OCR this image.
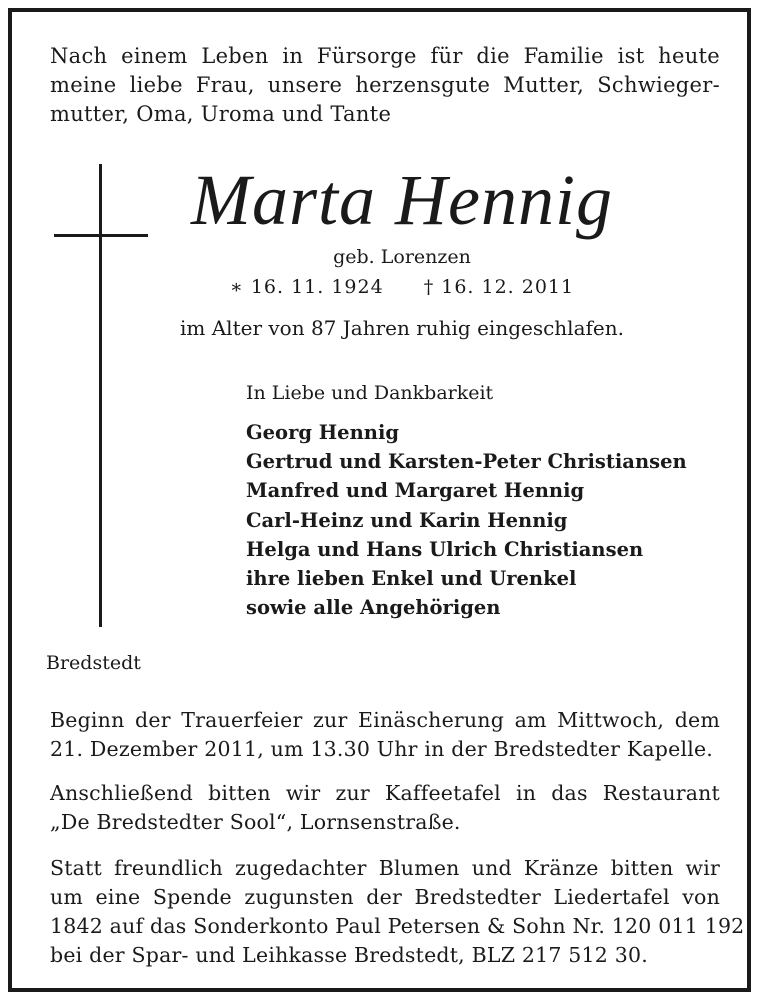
Nach einem Leben in Fürsorge für die Familie ist heute
meine liebe Frau, unsere herzensgute Mutter, Schwieger-
mutter, Oma, Uroma und Tante
Marta Hennig
geb. Lorenzen
∗ 16. 11. 1924 † 16. 12. 2011
im Alter von 87 Jahren ruhig eingeschlafen.
In Liebe und Dankbarkeit
Georg Hennig
Gertrud und Karsten-Peter Christiansen
Manfred und Margaret Hennig
Carl-Heinz und Karin Hennig
Helga und Hans Ulrich Christiansen
ihre lieben Enkel und Urenkel
sowie alle Angehörigen
Bredstedt
Beginn der Trauerfeier zur Einäscherung am Mittwoch, dem
21. Dezember 2011, um 13.30 Uhr in der Bredstedter Kapelle.
Anschließend bitten wir zur Kaffeetafel in das Restaurant
„De Bredstedter Sool“, Lornsenstraße.
Statt freundlich zugedachter Blumen und Kränze bitten wir
um eine Spende zugunsten der Bredstedter Liedertafel von
1842 auf das Sonderkonto Paul Petersen & Sohn Nr. 120 011 192
bei der Spar- und Leihkasse Bredstedt, BLZ 217 512 30.
